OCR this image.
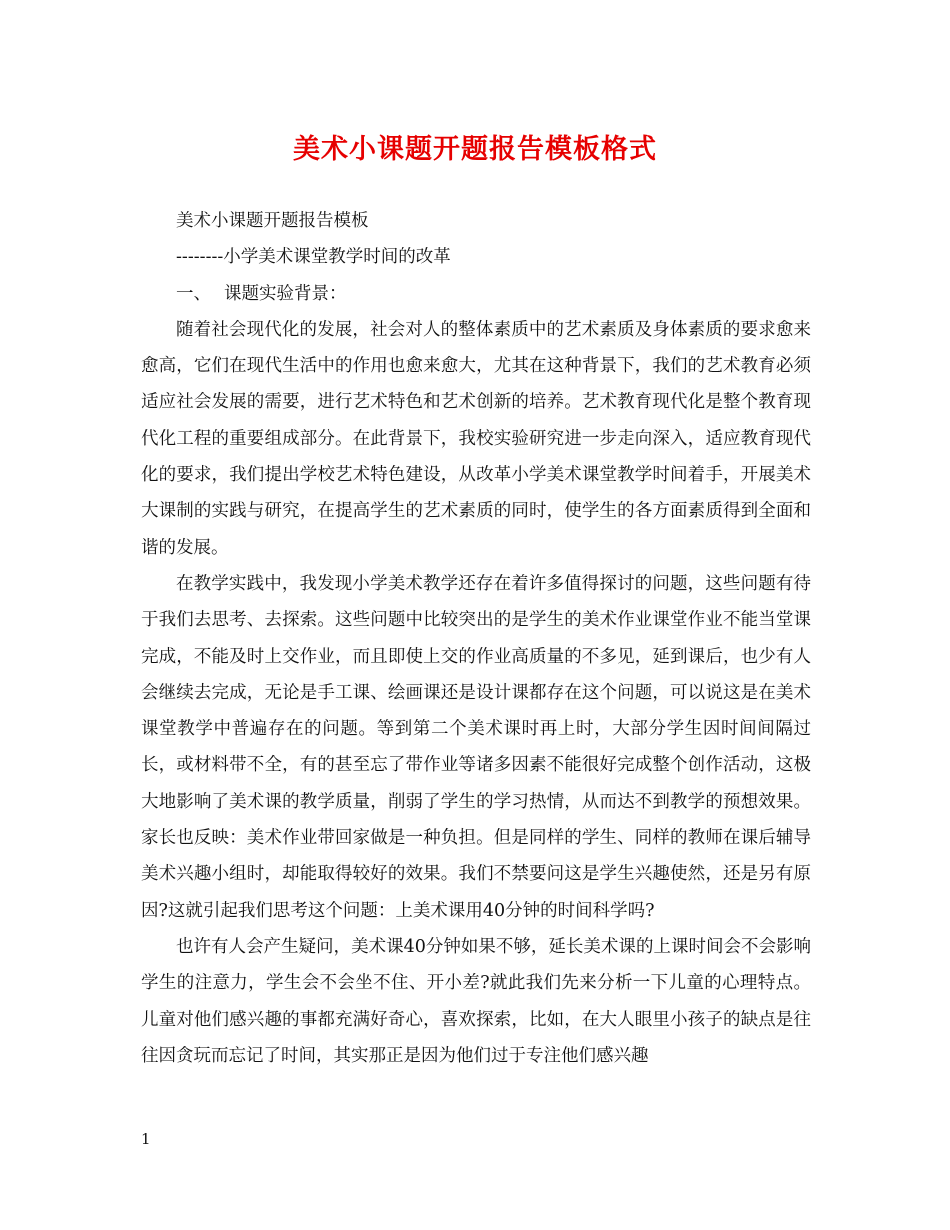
美术小课题开题报告模板格式

美术小课题开题报告模板

--------小学美术课堂教学时间的改革

一、 课题实验背景：

随着社会现代化的发展，社会对人的整体素质中的艺术素质及身体素质的要求愈来愈高，它们在现代生活中的作用也愈来愈大，尤其在这种背景下，我们的艺术教育必须适应社会发展的需要，进行艺术特色和艺术创新的培养。艺术教育现代化是整个教育现代化工程的重要组成部分。在此背景下，我校实验研究进一步走向深入，适应教育现代化的要求，我们提出学校艺术特色建设，从改革小学美术课堂教学时间着手，开展美术大课制的实践与研究，在提高学生的艺术素质的同时，使学生的各方面素质得到全面和谐的发展。

在教学实践中，我发现小学美术教学还存在着许多值得探讨的问题，这些问题有待于我们去思考、去探索。这些问题中比较突出的是学生的美术作业课堂作业不能当堂课完成，不能及时上交作业，而且即使上交的作业高质量的不多见，延到课后，也少有人会继续去完成，无论是手工课、绘画课还是设计课都存在这个问题，可以说这是在美术课堂教学中普遍存在的问题。等到第二个美术课时再上时，大部分学生因时间间隔过长，或材料带不全，有的甚至忘了带作业等诸多因素不能很好完成整个创作活动，这极大地影响了美术课的教学质量，削弱了学生的学习热情，从而达不到教学的预想效果。家长也反映：美术作业带回家做是一种负担。但是同样的学生、同样的教师在课后辅导美术兴趣小组时，却能取得较好的效果。我们不禁要问这是学生兴趣使然，还是另有原因?这就引起我们思考这个问题：上美术课用40分钟的时间科学吗?

也许有人会产生疑问，美术课40分钟如果不够，延长美术课的上课时间会不会影响学生的注意力，学生会不会坐不住、开小差?就此我们先来分析一下儿童的心理特点。儿童对他们感兴趣的事都充满好奇心，喜欢探索，比如，在大人眼里小孩子的缺点是往往因贪玩而忘记了时间，其实那正是因为他们过于专注他们感兴趣

1
